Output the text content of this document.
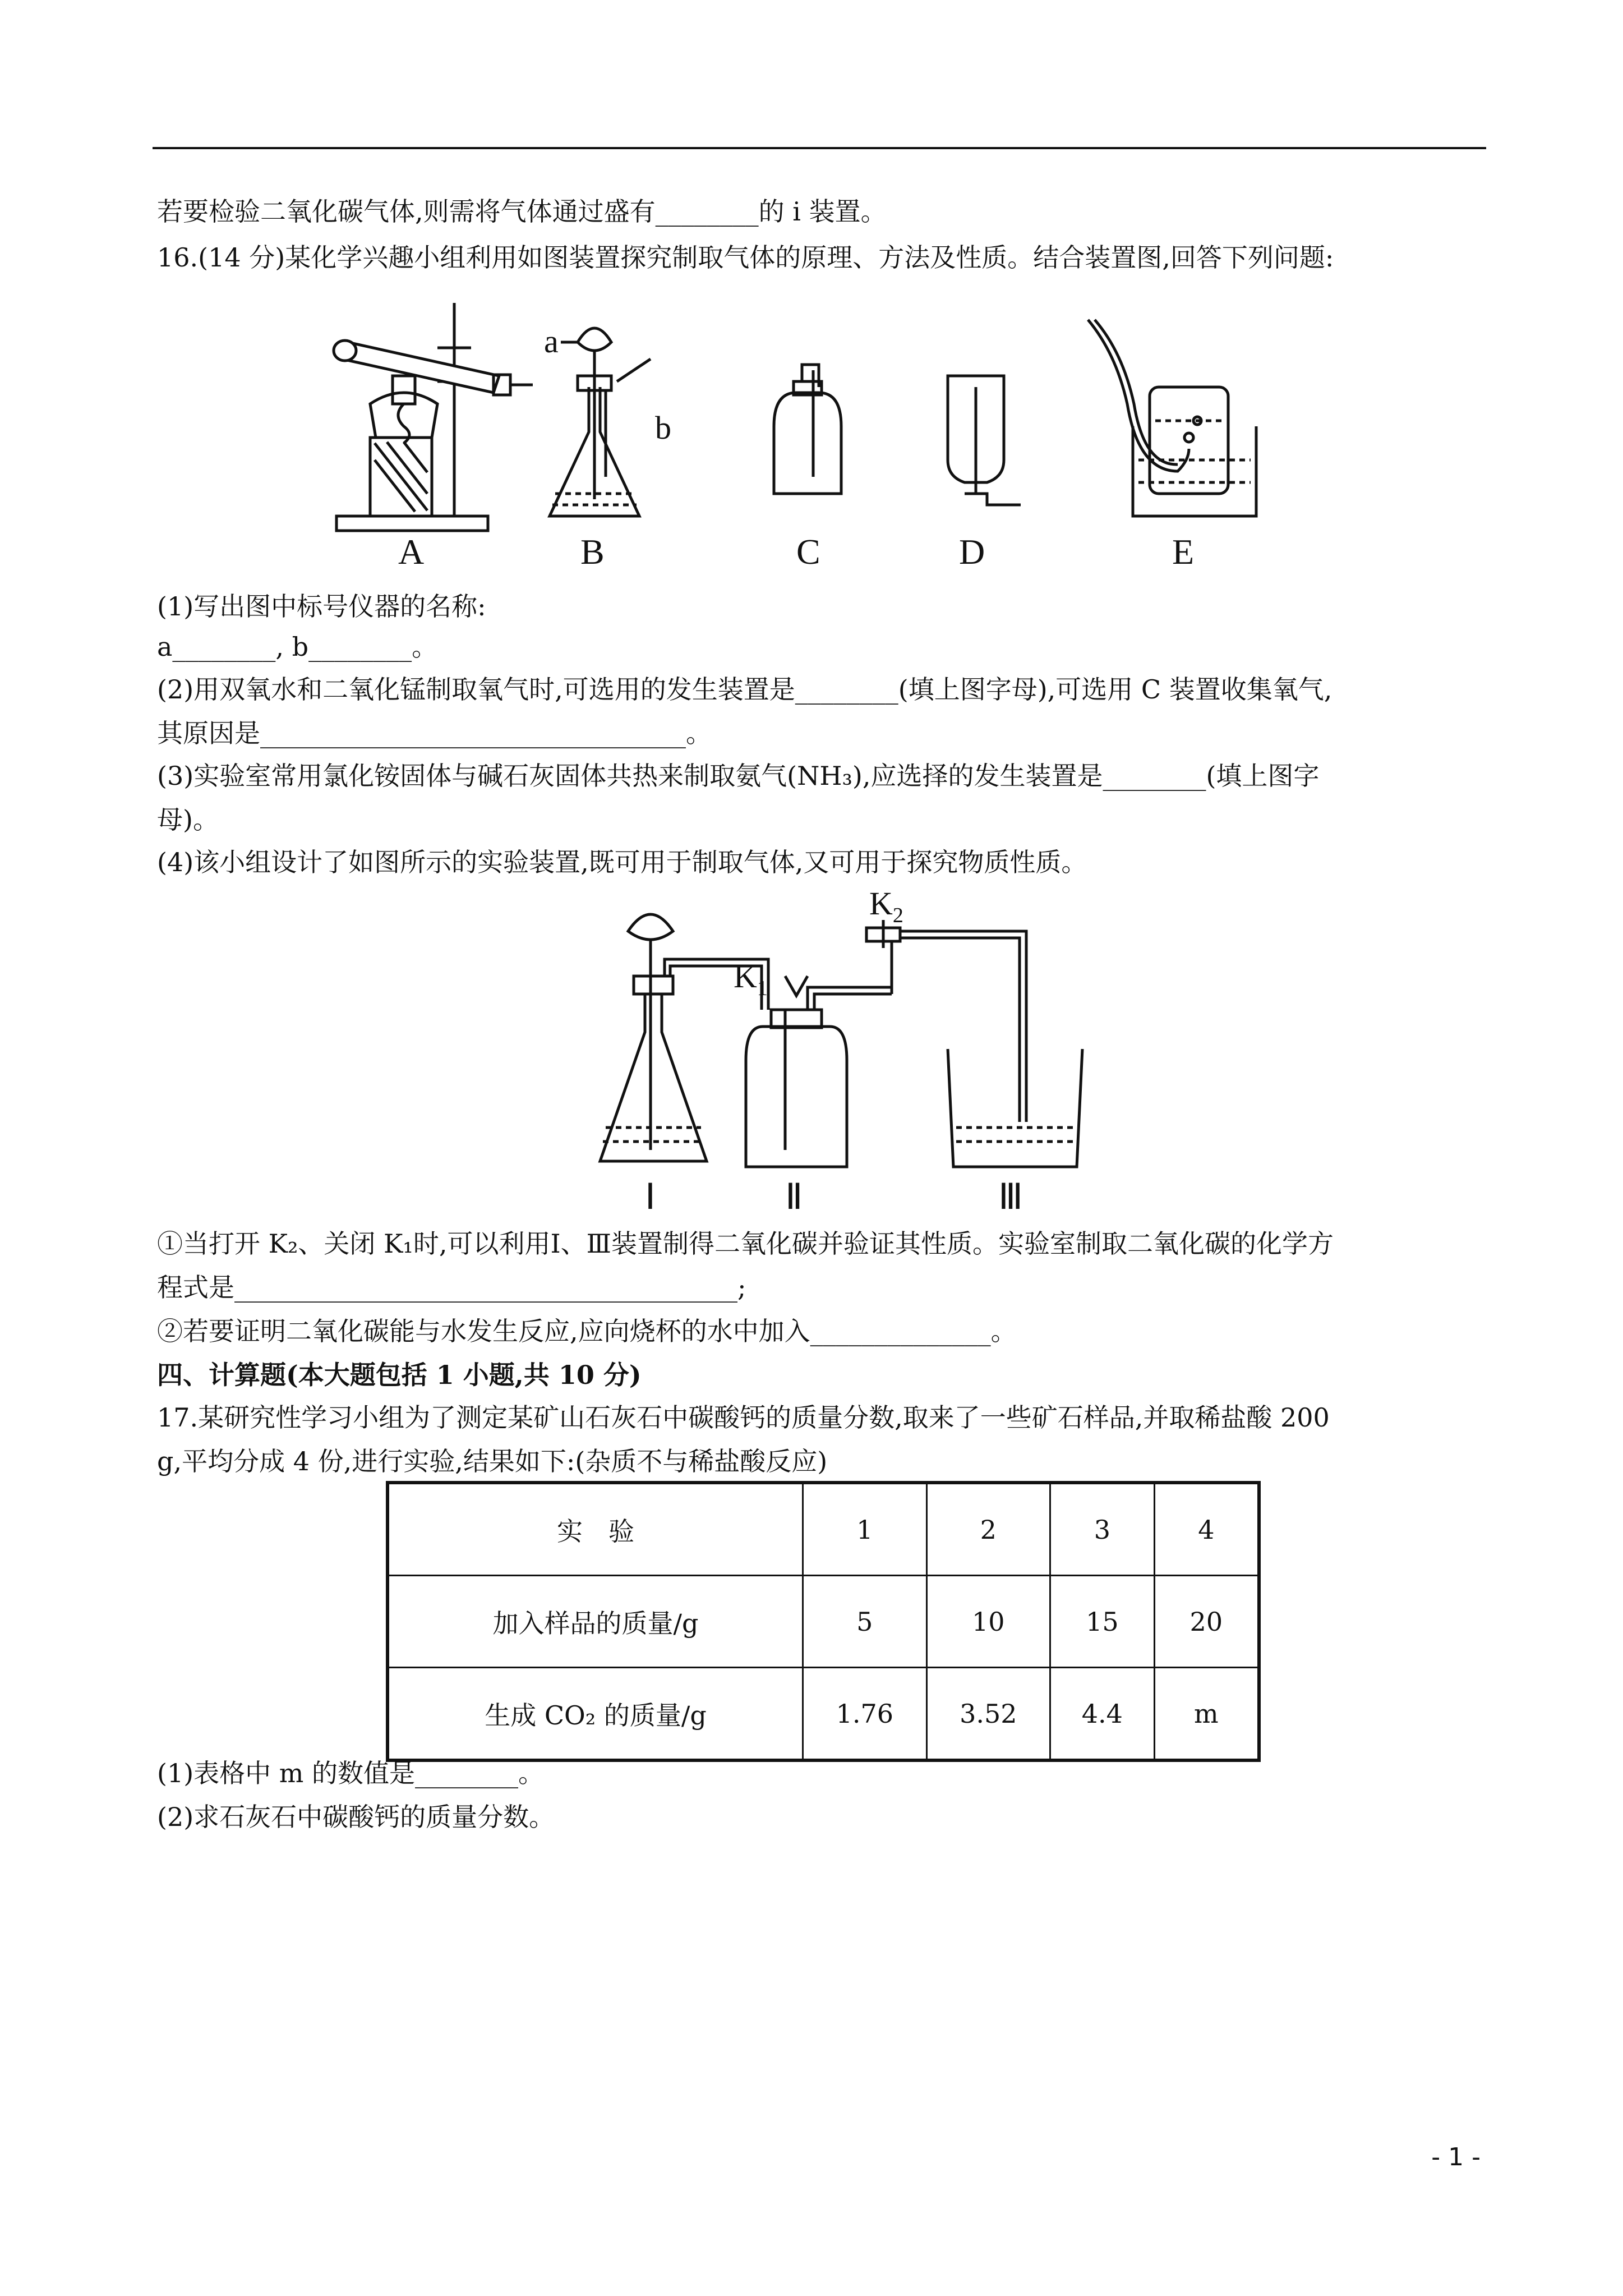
若要检验二氧化碳气体,则需将气体通过盛有________的 i 装置。
16.(14 分)某化学兴趣小组利用如图装置探究制取气体的原理、方法及性质。结合装置图,回答下列问题:
A	B	C	D	E
a
b
(1)写出图中标号仪器的名称:
a________, b________。
(2)用双氧水和二氧化锰制取氧气时,可选用的发生装置是________(填上图字母),可选用 C 装置收集氧气,
其原因是_________________________________。
(3)实验室常用氯化铵固体与碱石灰固体共热来制取氨气(NH₃),应选择的发生装置是________(填上图字
母)。
(4)该小组设计了如图所示的实验装置,既可用于制取气体,又可用于探究物质性质。
Ⅰ	Ⅱ	Ⅲ
$K_1$
$K_2$
①当打开 K₂、关闭 K₁时,可以利用Ⅰ、Ⅲ装置制得二氧化碳并验证其性质。实验室制取二氧化碳的化学方
程式是_______________________________________;
②若要证明二氧化碳能与水发生反应,应向烧杯的水中加入______________。
四、计算题(本大题包括 1 小题,共 10 分)
17.某研究性学习小组为了测定某矿山石灰石中碳酸钙的质量分数,取来了一些矿石样品,并取稀盐酸 200
g,平均分成 4 份,进行实验,结果如下:(杂质不与稀盐酸反应)
实　验	1	2	3	4
加入样品的质量/g	5	10	15	20
生成 CO₂ 的质量/g	1.76	3.52	4.4	m
(1)表格中 m 的数值是________。
(2)求石灰石中碳酸钙的质量分数。
- 1 -
